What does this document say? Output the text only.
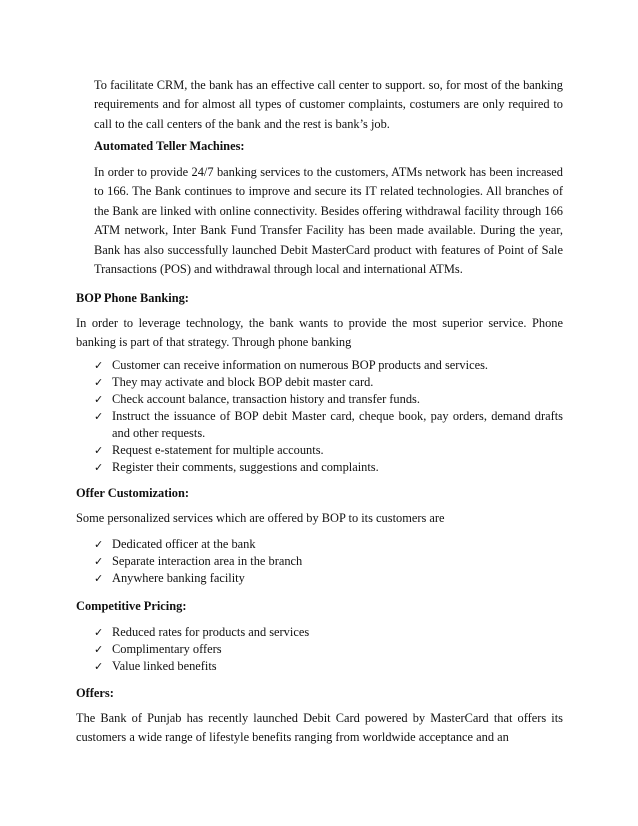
To facilitate CRM, the bank has an effective call center to support. so, for most of the banking requirements and for almost all types of customer complaints, costumers are only required to call to the call centers of the bank and the rest is bank’s job.

Automated Teller Machines:

In order to provide 24/7 banking services to the customers, ATMs network has been increased to 166. The Bank continues to improve and secure its IT related technologies. All branches of the Bank are linked with online connectivity. Besides offering withdrawal facility through 166 ATM network, Inter Bank Fund Transfer Facility has been made available. During the year, Bank has also successfully launched Debit MasterCard product with features of Point of Sale Transactions (POS) and withdrawal through local and international ATMs.

BOP Phone Banking:

In order to leverage technology, the bank wants to provide the most superior service. Phone banking is part of that strategy. Through phone banking

✓ Customer can receive information on numerous BOP products and services.
✓ They may activate and block BOP debit master card.
✓ Check account balance, transaction history and transfer funds.
✓ Instruct the issuance of BOP debit Master card, cheque book, pay orders, demand drafts and other requests.
✓ Request e-statement for multiple accounts.
✓ Register their comments, suggestions and complaints.

Offer Customization:

Some personalized services which are offered by BOP to its customers are

✓ Dedicated officer at the bank
✓ Separate interaction area in the branch
✓ Anywhere banking facility

Competitive Pricing:

✓ Reduced rates for products and services
✓ Complimentary offers
✓ Value linked benefits

Offers:

The Bank of Punjab has recently launched Debit Card powered by MasterCard that offers its customers a wide range of lifestyle benefits ranging from worldwide acceptance and an
